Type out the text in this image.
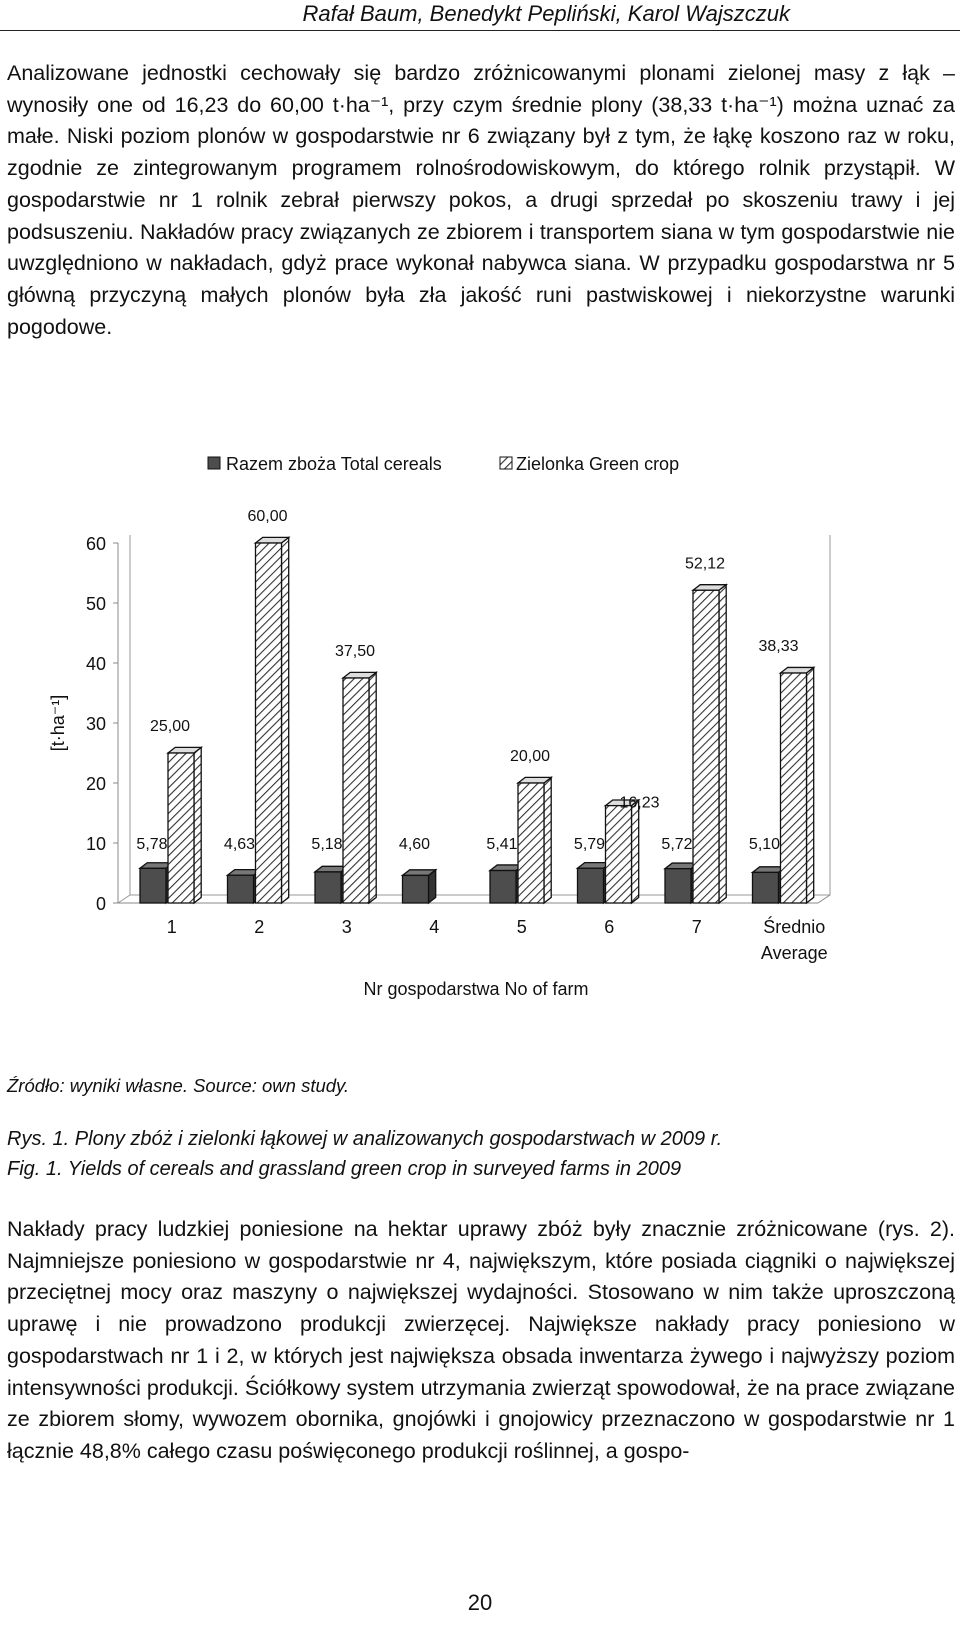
Rafał Baum, Benedykt Pepliński, Karol Wajszczuk

Analizowane jednostki cechowały się bardzo zróżnicowanymi plonami zielonej masy z łąk – wynosiły one od 16,23 do 60,00 t·ha⁻¹, przy czym średnie plony (38,33 t·ha⁻¹) można uznać za małe. Niski poziom plonów w gospodarstwie nr 6 związany był z tym, że łąkę koszono raz w roku, zgodnie ze zintegrowanym programem rolnośrodowiskowym, do którego rolnik przystąpił. W gospodarstwie nr 1 rolnik zebrał pierwszy pokos, a drugi sprzedał po skoszeniu trawy i jej podsuszeniu. Nakładów pracy związanych ze zbiorem i transportem siana w tym gospodarstwie nie uwzględniono w nakładach, gdyż prace wykonał nabywca siana. W przypadku gospodarstwa nr 5 główną przyczyną małych plonów była zła jakość runi pastwiskowej i niekorzystne warunki pogodowe.

Razem zboża Total cereals	Zielonka Green crop
5,78
25,00
4,63
60,00
5,18
37,50
4,60	5,41
20,00
5,79
16,23
5,72
52,12
5,10
38,33
0
10
20
30
40
50
60
[t·ha⁻¹]
1	2	3	4	5	6	7	Średnio
Average
Nr gospodarstwa No of farm
Źródło: wyniki własne. Source: own study.
Rys. 1. Plony zbóż i zielonki łąkowej w analizowanych gospodarstwach w 2009 r.
Fig. 1. Yields of cereals and grassland green crop in surveyed farms in 2009

Nakłady pracy ludzkiej poniesione na hektar uprawy zbóż były znacznie zróżnicowane (rys. 2). Najmniejsze poniesiono w gospodarstwie nr 4, największym, które posiada ciągniki o największej przeciętnej mocy oraz maszyny o największej wydajności. Stosowano w nim także uproszczoną uprawę i nie prowadzono produkcji zwierzęcej. Największe nakłady pracy poniesiono w gospodarstwach nr 1 i 2, w których jest największa obsada inwentarza żywego i najwyższy poziom intensywności produkcji. Ściółkowy system utrzymania zwierząt spowodował, że na prace związane ze zbiorem słomy, wywozem obornika, gnojówki i gnojowicy przeznaczono w gospodarstwie nr 1 łącznie 48,8% całego czasu poświęconego produkcji roślinnej, a gospo-

20
